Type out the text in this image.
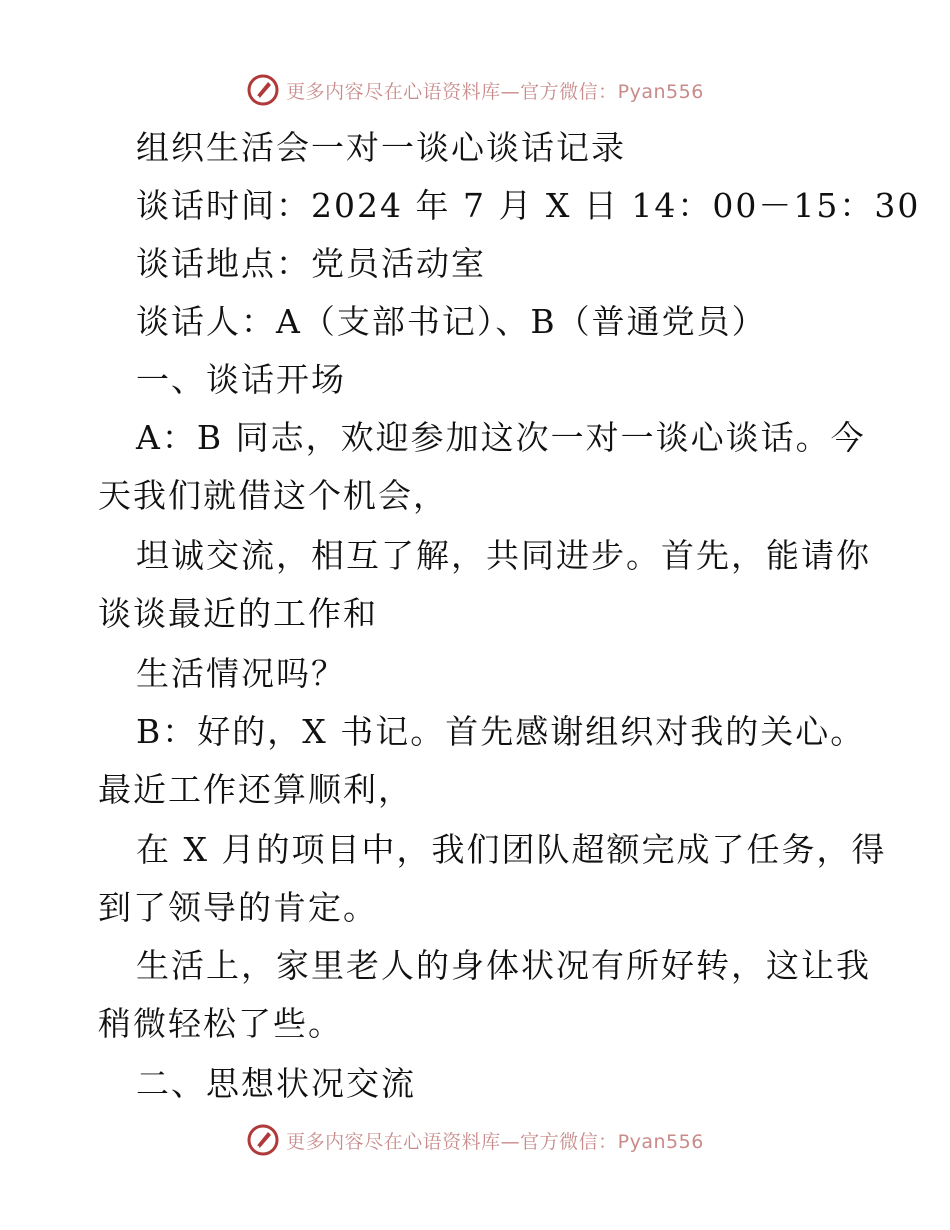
更多内容尽在心语资料库—官方微信：Pyan556
组织生活会一对一谈心谈话记录
谈话时间：2024 年 7 月 X 日 14：00－15：30
谈话地点：党员活动室
谈话人：A（支部书记）、B（普通党员）
一、谈话开场
A：B 同志，欢迎参加这次一对一谈心谈话。今
天我们就借这个机会，
坦诚交流，相互了解，共同进步。首先，能请你
谈谈最近的工作和
生活情况吗？
B：好的，X 书记。首先感谢组织对我的关心。
最近工作还算顺利，
在 X 月的项目中，我们团队超额完成了任务，得
到了领导的肯定。
生活上，家里老人的身体状况有所好转，这让我
稍微轻松了些。
二、思想状况交流
更多内容尽在心语资料库—官方微信：Pyan556
